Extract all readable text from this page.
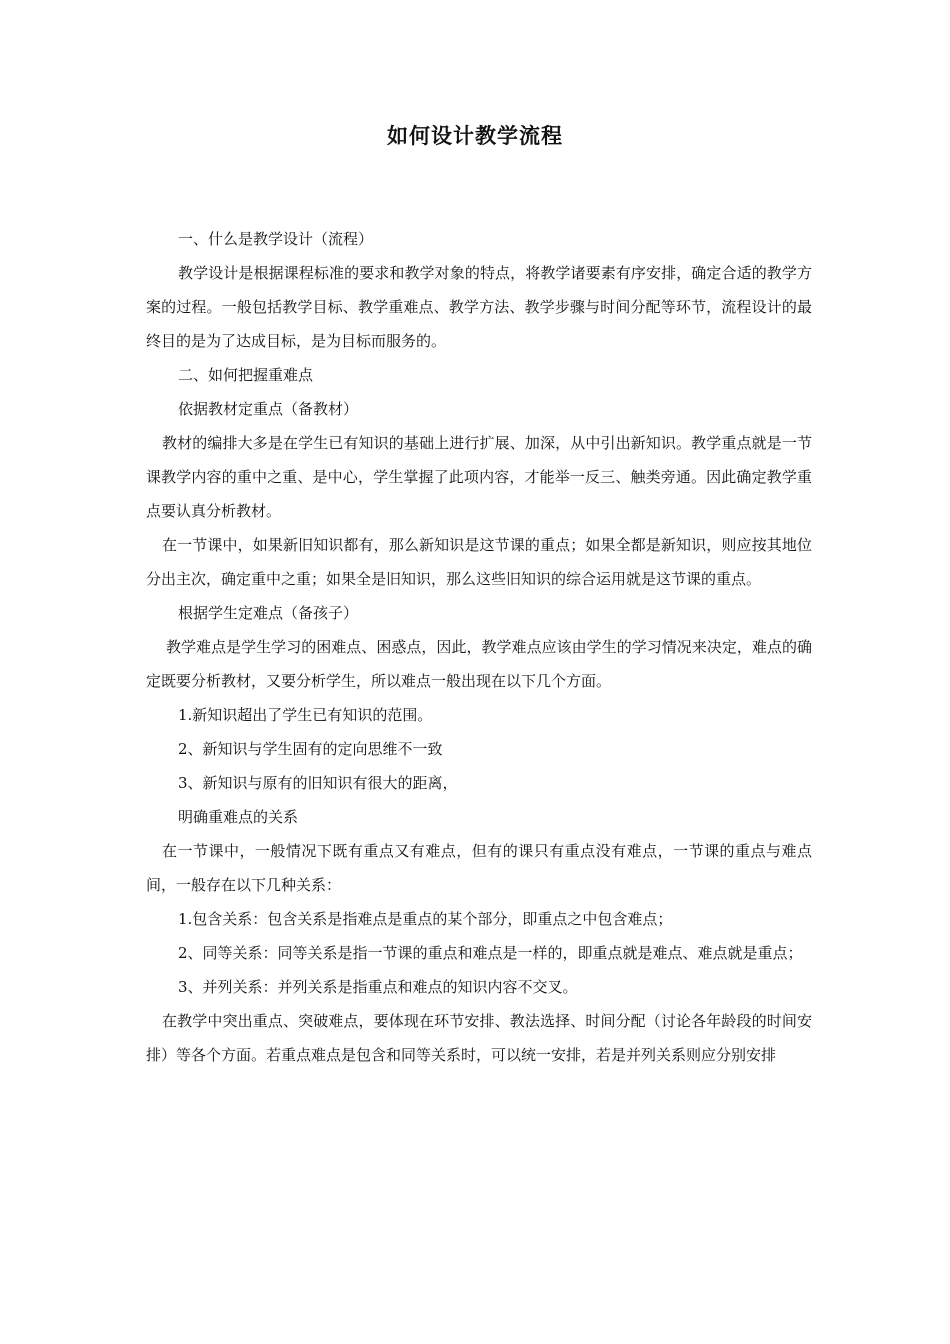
如何设计教学流程

一、什么是教学设计（流程）

教学设计是根据课程标准的要求和教学对象的特点，将教学诸要素有序安排，确定合适的教学方案的过程。一般包括教学目标、教学重难点、教学方法、教学步骤与时间分配等环节，流程设计的最终目的是为了达成目标，是为目标而服务的。

二、如何把握重难点

依据教材定重点（备教材）

教材的编排大多是在学生已有知识的基础上进行扩展、加深，从中引出新知识。教学重点就是一节课教学内容的重中之重、是中心，学生掌握了此项内容，才能举一反三、触类旁通。因此确定教学重点要认真分析教材。

在一节课中，如果新旧知识都有，那么新知识是这节课的重点；如果全都是新知识，则应按其地位分出主次，确定重中之重；如果全是旧知识，那么这些旧知识的综合运用就是这节课的重点。

根据学生定难点（备孩子）

教学难点是学生学习的困难点、困惑点，因此，教学难点应该由学生的学习情况来决定，难点的确定既要分析教材，又要分析学生，所以难点一般出现在以下几个方面。

1.新知识超出了学生已有知识的范围。

2、新知识与学生固有的定向思维不一致

3、新知识与原有的旧知识有很大的距离，

明确重难点的关系

在一节课中，一般情况下既有重点又有难点，但有的课只有重点没有难点，一节课的重点与难点间，一般存在以下几种关系：

1.包含关系：包含关系是指难点是重点的某个部分，即重点之中包含难点；

2、同等关系：同等关系是指一节课的重点和难点是一样的，即重点就是难点、难点就是重点；

3、并列关系：并列关系是指重点和难点的知识内容不交叉。

在教学中突出重点、突破难点，要体现在环节安排、教法选择、时间分配（讨论各年龄段的时间安排）等各个方面。若重点难点是包含和同等关系时，可以统一安排，若是并列关系则应分别安排
